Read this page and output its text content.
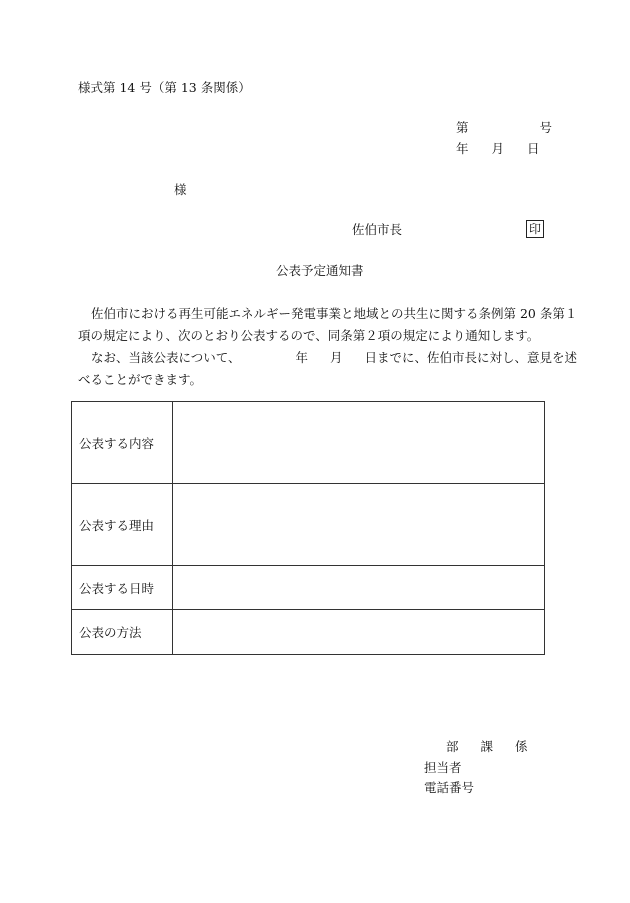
様式第 14 号（第 13 条関係）
第	号
年 月 日
様
佐伯市長	印
公表予定通知書
佐伯市における再生可能エネルギー発電事業と地域との共生に関する条例第 20 条第１
項の規定により、次のとおり公表するので、同条第２項の規定により通知します。
なお、当該公表について、	年 月 日までに、佐伯市長に対し、意見を述
べることができます。
公表する内容	
公表する理由	
公表する日時	
公表の方法	
部 課 係
担当者
電話番号
